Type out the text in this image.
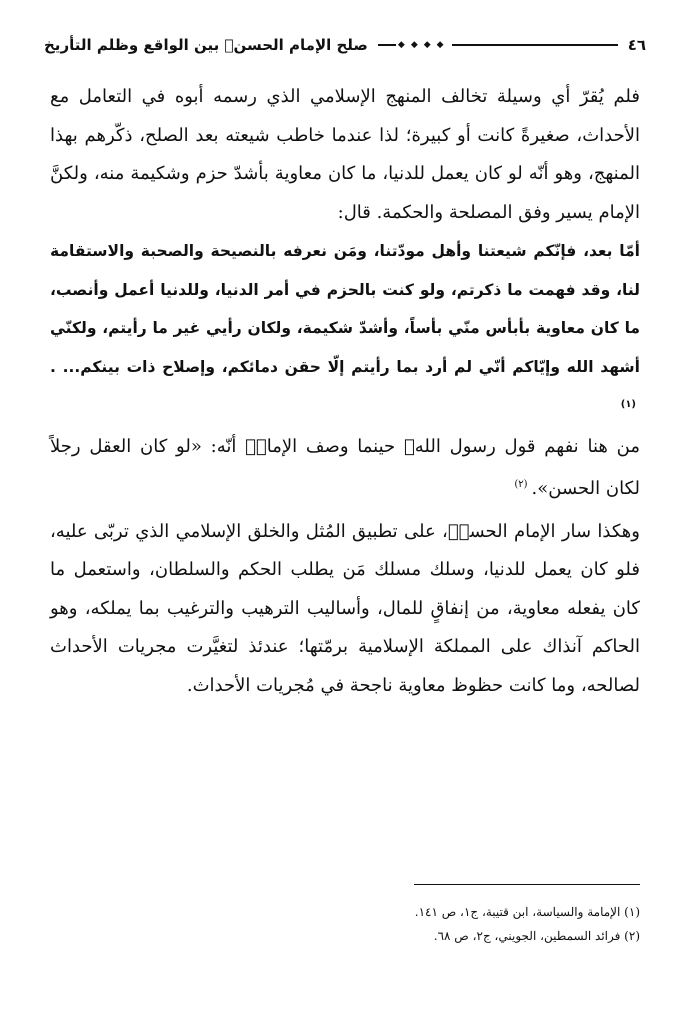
٤٦
◆◆◆◆
صلح الإمام الحسنؑ بين الواقع وظلم التأريخ

فلم يُقرّ أي وسيلة تخالف المنهج الإسلامي الذي رسمه أبوه في التعامل مع الأحداث، صغيرةً كانت أو كبيرة؛ لذا عندما خاطب شيعته بعد الصلح، ذكّرهم بهذا المنهج، وهو أنّه لو كان يعمل للدنيا، ما كان معاوية بأشدّ حزم وشكيمة منه، ولكنَّ الإمام يسير وفق المصلحة والحكمة. قال:

أمّا بعد، فإنّكم شيعتنا وأهل مودّتنا، ومَن نعرفه بالنصيحة والصحبة والاستقامة لنا، وقد فهمت ما ذكرتم، ولو كنت بالحزم في أمر الدنيا، وللدنيا أعمل وأنصب، ما كان معاوية بأبأس منّي بأساً، وأشدّ شكيمة، ولكان رأيي غير ما رأيتم، ولكنّي أشهد الله وإيّاكم أنّي لم أرد بما رأيتم إلّا حقن دمائكم، وإصلاح ذات بينكم... .$^{(١)}$

من هنا نفهم قول رسول اللهﷺ حينما وصف الإمامؑ أنّه: «لو كان العقل رجلاً لكان الحسن».$^{(٢)}$

وهكذا سار الإمام الحسنؑ، على تطبيق المُثل والخلق الإسلامي الذي تربّى عليه، فلو كان يعمل للدنيا، وسلك مسلك مَن يطلب الحكم والسلطان، واستعمل ما كان يفعله معاوية، من إنفاقٍ للمال، وأساليب الترهيب والترغيب بما يملكه، وهو الحاكم آنذاك على المملكة الإسلامية برمّتها؛ عندئذ لتغيَّرت مجريات الأحداث لصالحه، وما كانت حظوظ معاوية ناجحة في مُجريات الأحداث.

(١) الإمامة والسياسة، ابن قتيبة، ج١، ص ١٤١.

(٢) فرائد السمطين، الجويني، ج٢، ص ٦٨.
